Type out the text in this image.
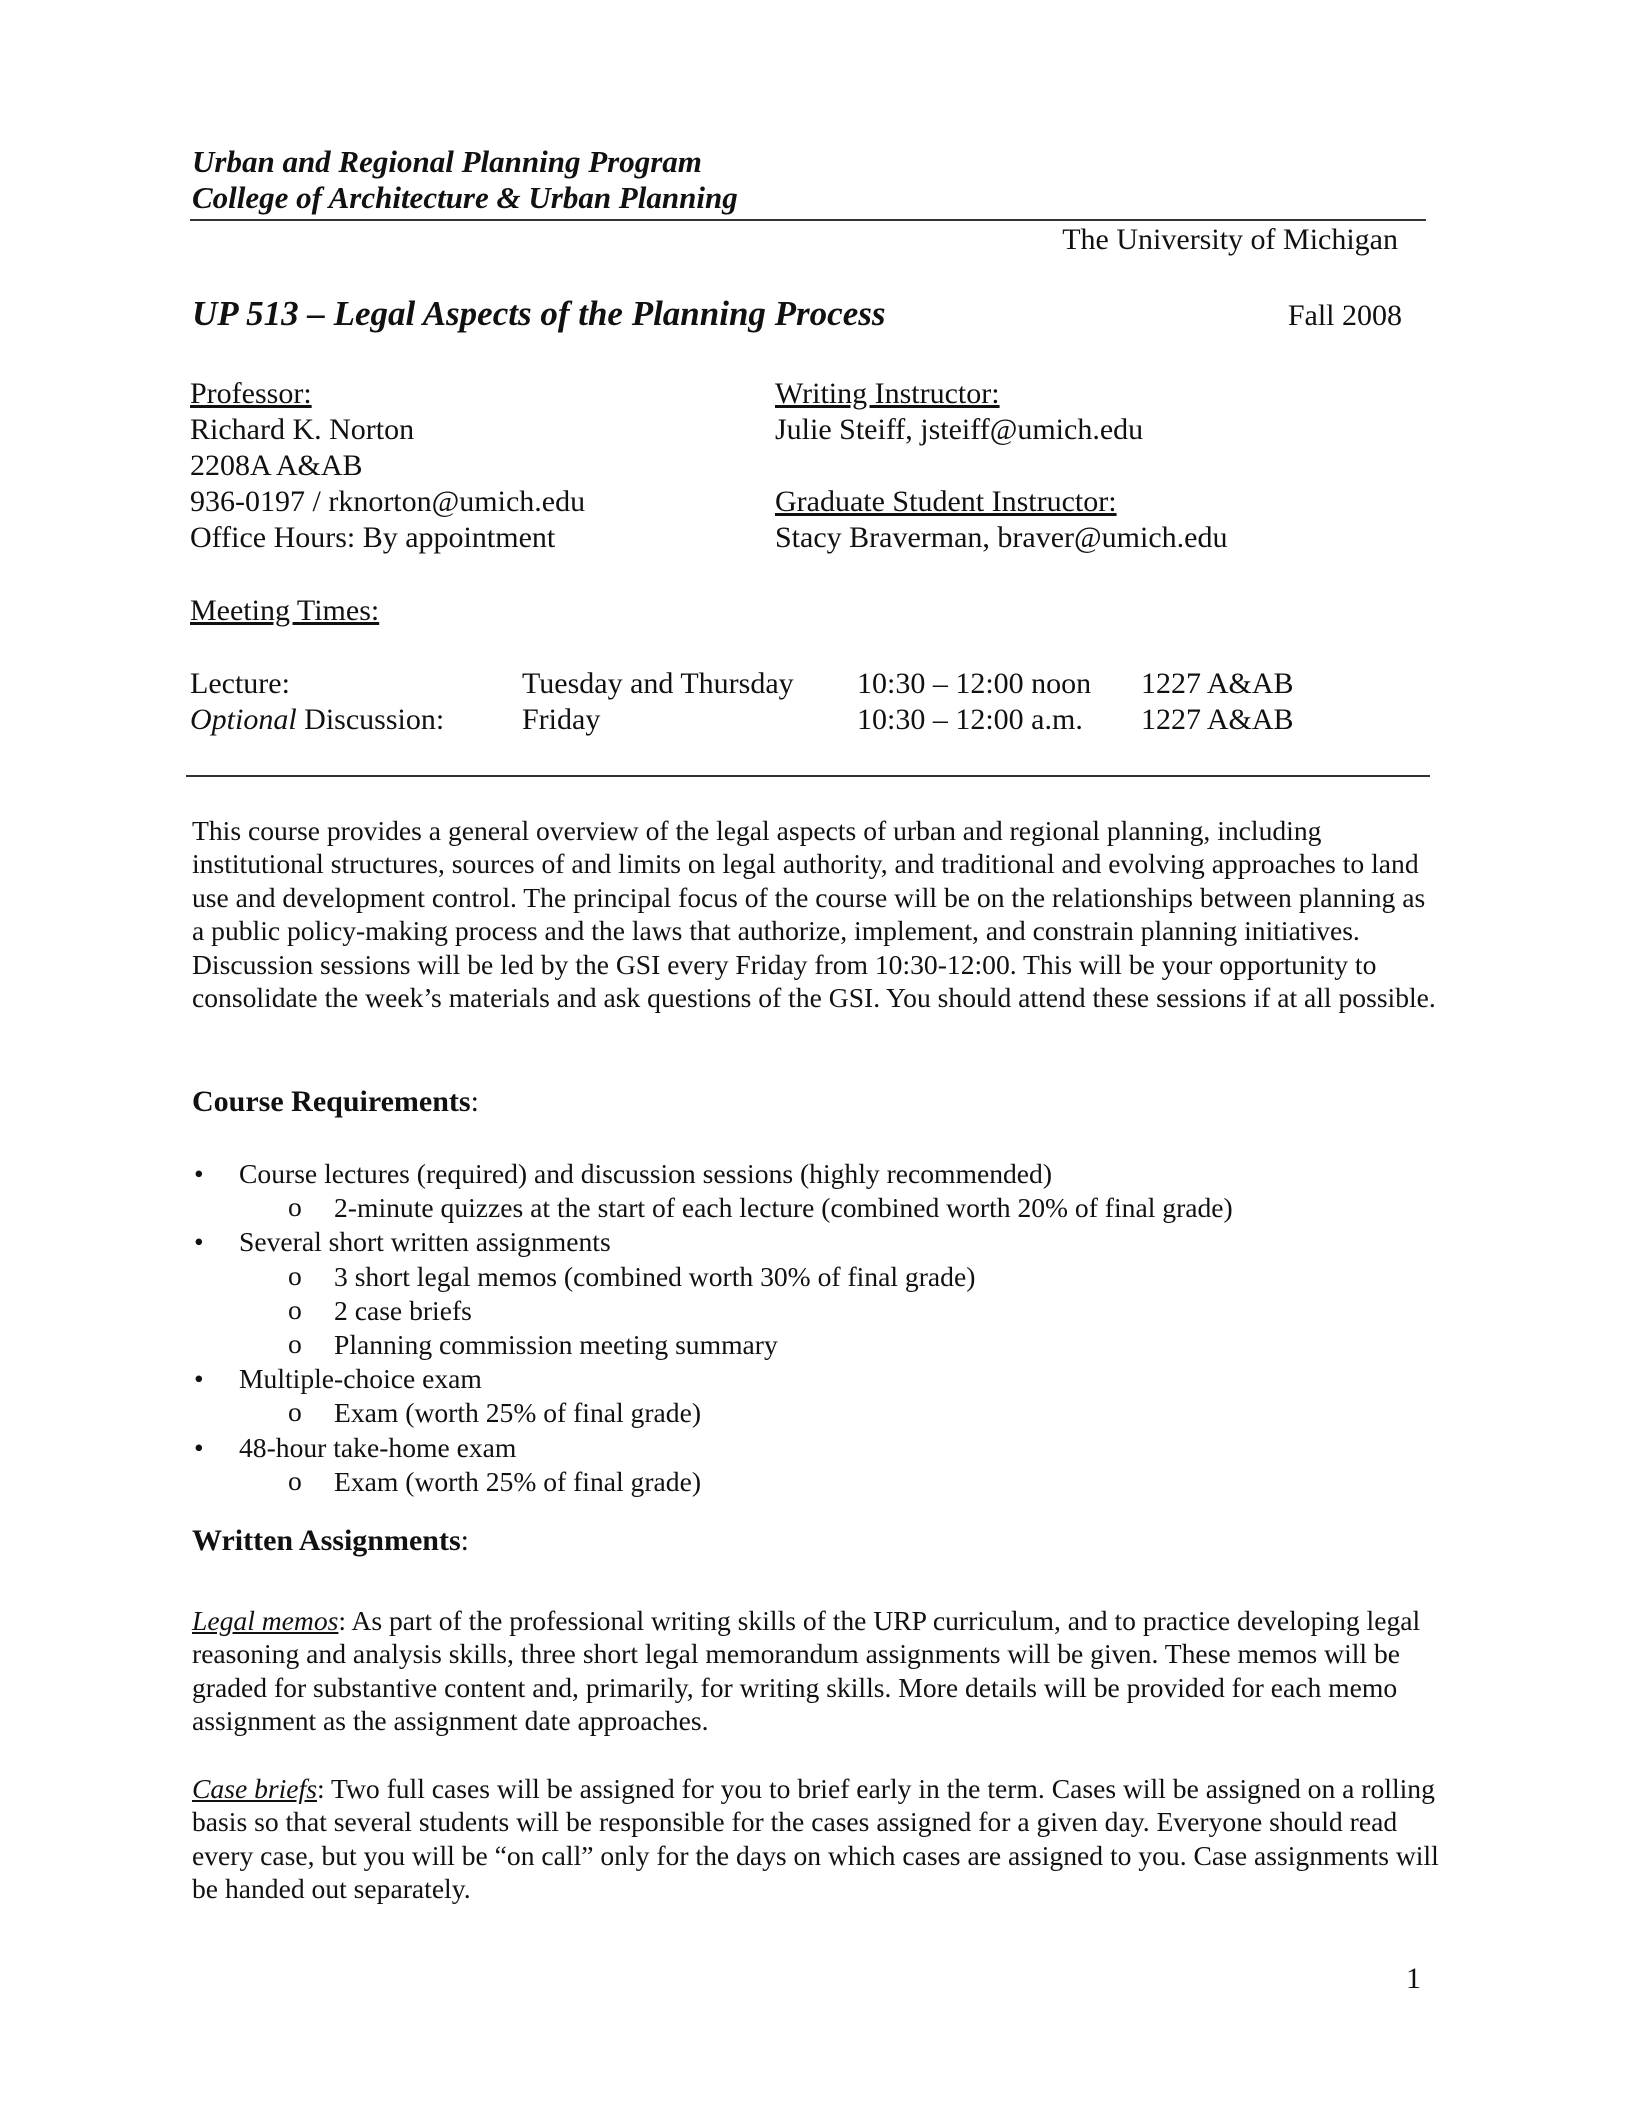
Urban and Regional Planning Program
College of Architecture & Urban Planning
The University of Michigan
UP 513 – Legal Aspects of the Planning Process	Fall 2008
Professor:
Richard K. Norton
2208A A&AB
936-0197 / rknorton@umich.edu
Office Hours: By appointment
Writing Instructor:
Julie Steiff, jsteiff@umich.edu
Graduate Student Instructor:
Stacy Braverman, braver@umich.edu
Meeting Times:
Lecture:	Tuesday and Thursday 10:30 – 12:00 noon 1227 A&AB
Optional Discussion:	Friday	10:30 – 12:00 a.m. 1227 A&AB

This course provides a general overview of the legal aspects of urban and regional planning, including institutional structures, sources of and limits on legal authority, and traditional and evolving approaches to land use and development control. The principal focus of the course will be on the relationships between planning as a public policy-making process and the laws that authorize, implement, and constrain planning initiatives. Discussion sessions will be led by the GSI every Friday from 10:30-12:00. This will be your opportunity to consolidate the week’s materials and ask questions of the GSI. You should attend these sessions if at all possible.

Course Requirements:
• Course lectures (required) and discussion sessions (highly recommended)
o 2-minute quizzes at the start of each lecture (combined worth 20% of final grade)
• Several short written assignments
o 3 short legal memos (combined worth 30% of final grade)
o 2 case briefs
o Planning commission meeting summary
• Multiple-choice exam
o Exam (worth 25% of final grade)
• 48-hour take-home exam
o Exam (worth 25% of final grade)
Written Assignments:

Legal memos: As part of the professional writing skills of the URP curriculum, and to practice developing legal reasoning and analysis skills, three short legal memorandum assignments will be given. These memos will be graded for substantive content and, primarily, for writing skills. More details will be provided for each memo assignment as the assignment date approaches.

Case briefs: Two full cases will be assigned for you to brief early in the term. Cases will be assigned on a rolling basis so that several students will be responsible for the cases assigned for a given day. Everyone should read every case, but you will be “on call” only for the days on which cases are assigned to you. Case assignments will be handed out separately.

1
